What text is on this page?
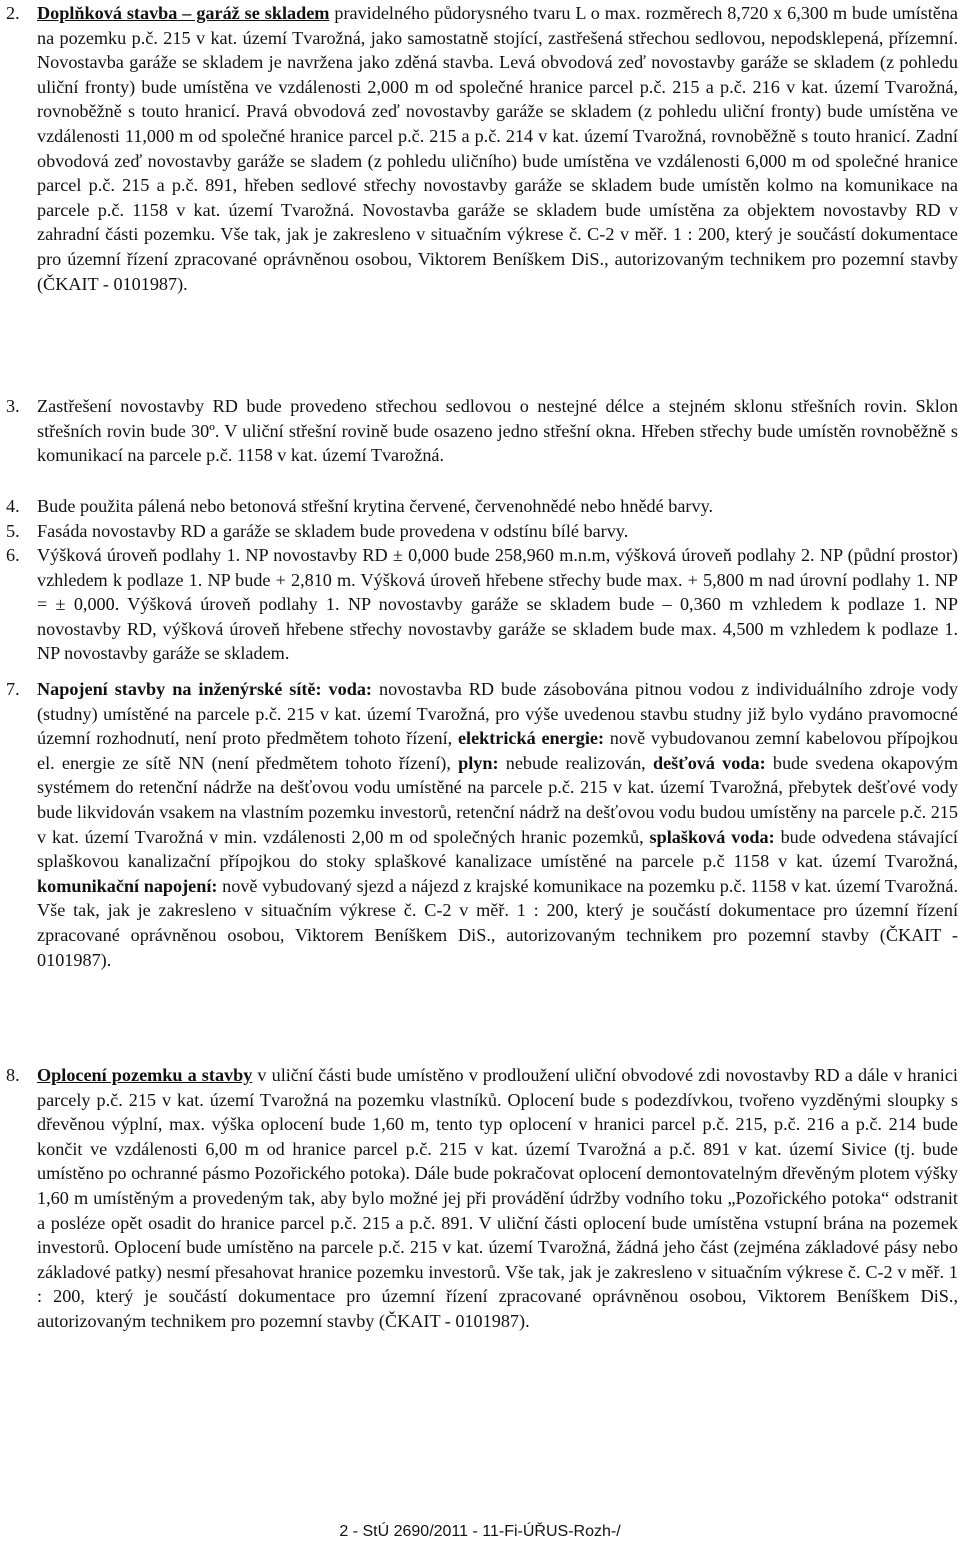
2. Doplňková stavba – garáž se skladem pravidelného půdorysného tvaru L o max. rozměrech 8,720 x 6,300 m bude umístěna na pozemku p.č. 215 v kat. území Tvarožná, jako samostatně stojící, zastřešená střechou sedlovou, nepodsklepená, přízemní. Novostavba garáže se skladem je navržena jako zděná stavba. Levá obvodová zeď novostavby garáže se skladem (z pohledu uliční fronty) bude umístěna ve vzdálenosti 2,000 m od společné hranice parcel p.č. 215 a p.č. 216 v kat. území Tvarožná, rovnoběžně s touto hranicí. Pravá obvodová zeď novostavby garáže se skladem (z pohledu uliční fronty) bude umístěna ve vzdálenosti 11,000 m od společné hranice parcel p.č. 215 a p.č. 214 v kat. území Tvarožná, rovnoběžně s touto hranicí. Zadní obvodová zeď novostavby garáže se sladem (z pohledu uličního) bude umístěna ve vzdálenosti 6,000 m od společné hranice parcel p.č. 215 a p.č. 891, hřeben sedlové střechy novostavby garáže se skladem bude umístěn kolmo na komunikace na parcele p.č. 1158 v kat. území Tvarožná. Novostavba garáže se skladem bude umístěna za objektem novostavby RD v zahradní části pozemku. Vše tak, jak je zakresleno v situačním výkrese č. C-2 v měř. 1 : 200, který je součástí dokumentace pro územní řízení zpracované oprávněnou osobou, Viktorem Beníškem DiS., autorizovaným technikem pro pozemní stavby (ČKAIT - 0101987).
3. Zastřešení novostavby RD bude provedeno střechou sedlovou o nestejné délce a stejném sklonu střešních rovin. Sklon střešních rovin bude 30º. V uliční střešní rovině bude osazeno jedno střešní okna. Hřeben střechy bude umístěn rovnoběžně s komunikací na parcele p.č. 1158 v kat. území Tvarožná.
4. Bude použita pálená nebo betonová střešní krytina červené, červenohnědé nebo hnědé barvy.
5. Fasáda novostavby RD a garáže se skladem bude provedena v odstínu bílé barvy.
6. Výšková úroveň podlahy 1. NP novostavby RD ± 0,000 bude 258,960 m.n.m, výšková úroveň podlahy 2. NP (půdní prostor) vzhledem k podlaze 1. NP bude + 2,810 m. Výšková úroveň hřebene střechy bude max. + 5,800 m nad úrovní podlahy 1. NP = ± 0,000. Výšková úroveň podlahy 1. NP novostavby garáže se skladem bude – 0,360 m vzhledem k podlaze 1. NP novostavby RD, výšková úroveň hřebene střechy novostavby garáže se skladem bude max. 4,500 m vzhledem k podlaze 1. NP novostavby garáže se skladem.
7. Napojení stavby na inženýrské sítě: voda: novostavba RD bude zásobována pitnou vodou z individuálního zdroje vody (studny) umístěné na parcele p.č. 215 v kat. území Tvarožná, pro výše uvedenou stavbu studny již bylo vydáno pravomocné územní rozhodnutí, není proto předmětem tohoto řízení, elektrická energie: nově vybudovanou zemní kabelovou přípojkou el. energie ze sítě NN (není předmětem tohoto řízení), plyn: nebude realizován, dešťová voda: bude svedena okapovým systémem do retenční nádrže na dešťovou vodu umístěné na parcele p.č. 215 v kat. území Tvarožná, přebytek dešťové vody bude likvidován vsakem na vlastním pozemku investorů, retenční nádrž na dešťovou vodu budou umístěny na parcele p.č. 215 v kat. území Tvarožná v min. vzdálenosti 2,00 m od společných hranic pozemků, splašková voda: bude odvedena stávající splaškovou kanalizační přípojkou do stoky splaškové kanalizace umístěné na parcele p.č 1158 v kat. území Tvarožná, komunikační napojení: nově vybudovaný sjezd a nájezd z krajské komunikace na pozemku p.č. 1158 v kat. území Tvarožná. Vše tak, jak je zakresleno v situačním výkrese č. C-2 v měř. 1 : 200, který je součástí dokumentace pro územní řízení zpracované oprávněnou osobou, Viktorem Beníškem DiS., autorizovaným technikem pro pozemní stavby (ČKAIT - 0101987).
8. Oplocení pozemku a stavby v uliční části bude umístěno v prodloužení uliční obvodové zdi novostavby RD a dále v hranici parcely p.č. 215 v kat. území Tvarožná na pozemku vlastníků. Oplocení bude s podezdívkou, tvořeno vyzděnými sloupky s dřevěnou výplní, max. výška oplocení bude 1,60 m, tento typ oplocení v hranici parcel p.č. 215, p.č. 216 a p.č. 214 bude končit ve vzdálenosti 6,00 m od hranice parcel p.č. 215 v kat. území Tvarožná a p.č. 891 v kat. území Sivice (tj. bude umístěno po ochranné pásmo Pozořického potoka). Dále bude pokračovat oplocení demontovatelným dřevěným plotem výšky 1,60 m umístěným a provedeným tak, aby bylo možné jej při provádění údržby vodního toku „Pozořického potoka“ odstranit a posléze opět osadit do hranice parcel p.č. 215 a p.č. 891. V uliční části oplocení bude umístěna vstupní brána na pozemek investorů. Oplocení bude umístěno na parcele p.č. 215 v kat. území Tvarožná, žádná jeho část (zejména základové pásy nebo základové patky) nesmí přesahovat hranice pozemku investorů. Vše tak, jak je zakresleno v situačním výkrese č. C-2 v měř. 1 : 200, který je součástí dokumentace pro územní řízení zpracované oprávněnou osobou, Viktorem Beníškem DiS., autorizovaným technikem pro pozemní stavby (ČKAIT - 0101987).
2 - StÚ 2690/2011 - 11-Fi-ÚŘUS-Rozh-/
